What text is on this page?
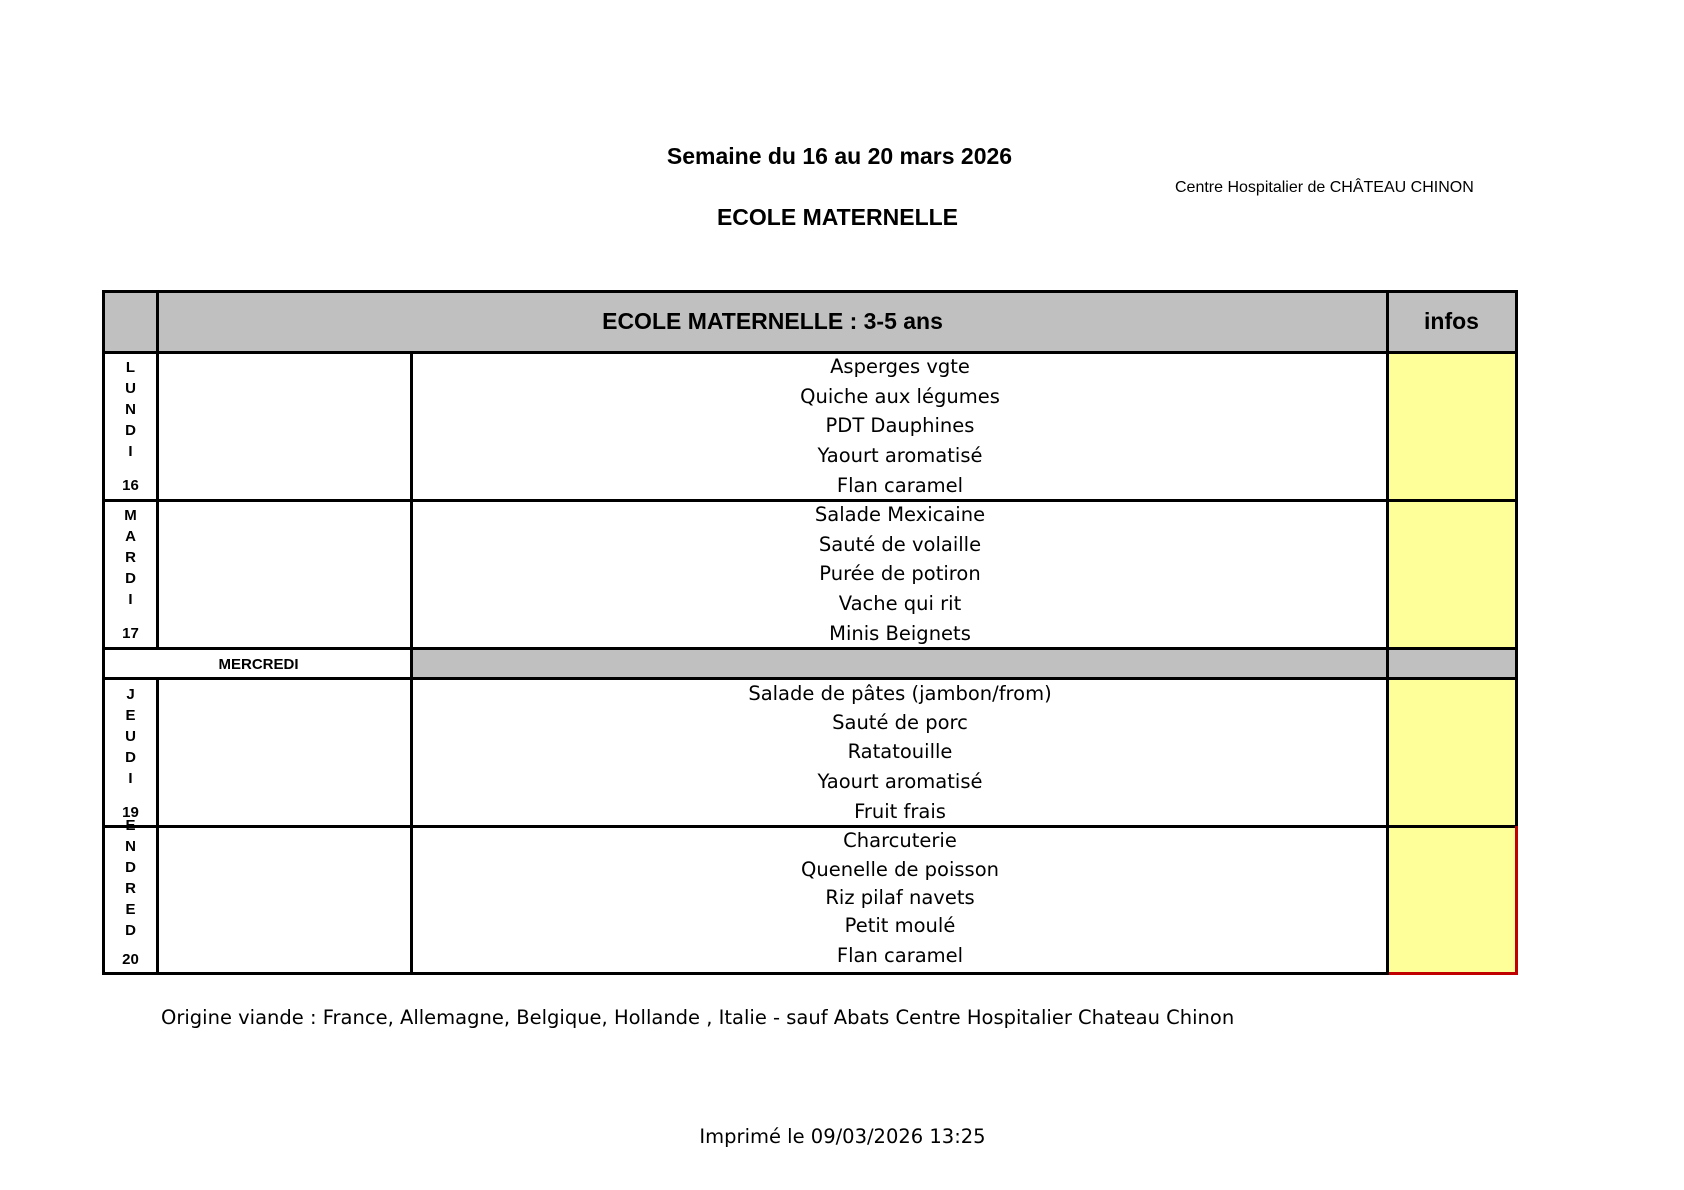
Semaine du 16 au 20 mars 2026
Centre Hospitalier de CHÂTEAU CHINON
ECOLE MATERNELLE
ECOLE MATERNELLE : 3-5 ans	infos
L
U
N
D
I
16
Asperges vgte
Quiche aux légumes
PDT Dauphines
Yaourt aromatisé
Flan caramel
M
A
R
D
I
17
Salade Mexicaine
Sauté de volaille
Purée de potiron
Vache qui rit
Minis Beignets
MERCREDI
J
E
U
D
I
19
Salade de pâtes (jambon/from)
Sauté de porc
Ratatouille
Yaourt aromatisé
Fruit frais
E
N
D
R
E
D
20
Charcuterie
Quenelle de poisson
Riz pilaf navets
Petit moulé
Flan caramel
Origine viande : France, Allemagne, Belgique, Hollande , Italie - sauf Abats Centre Hospitalier Chateau Chinon
Imprimé le 09/03/2026 13:25
